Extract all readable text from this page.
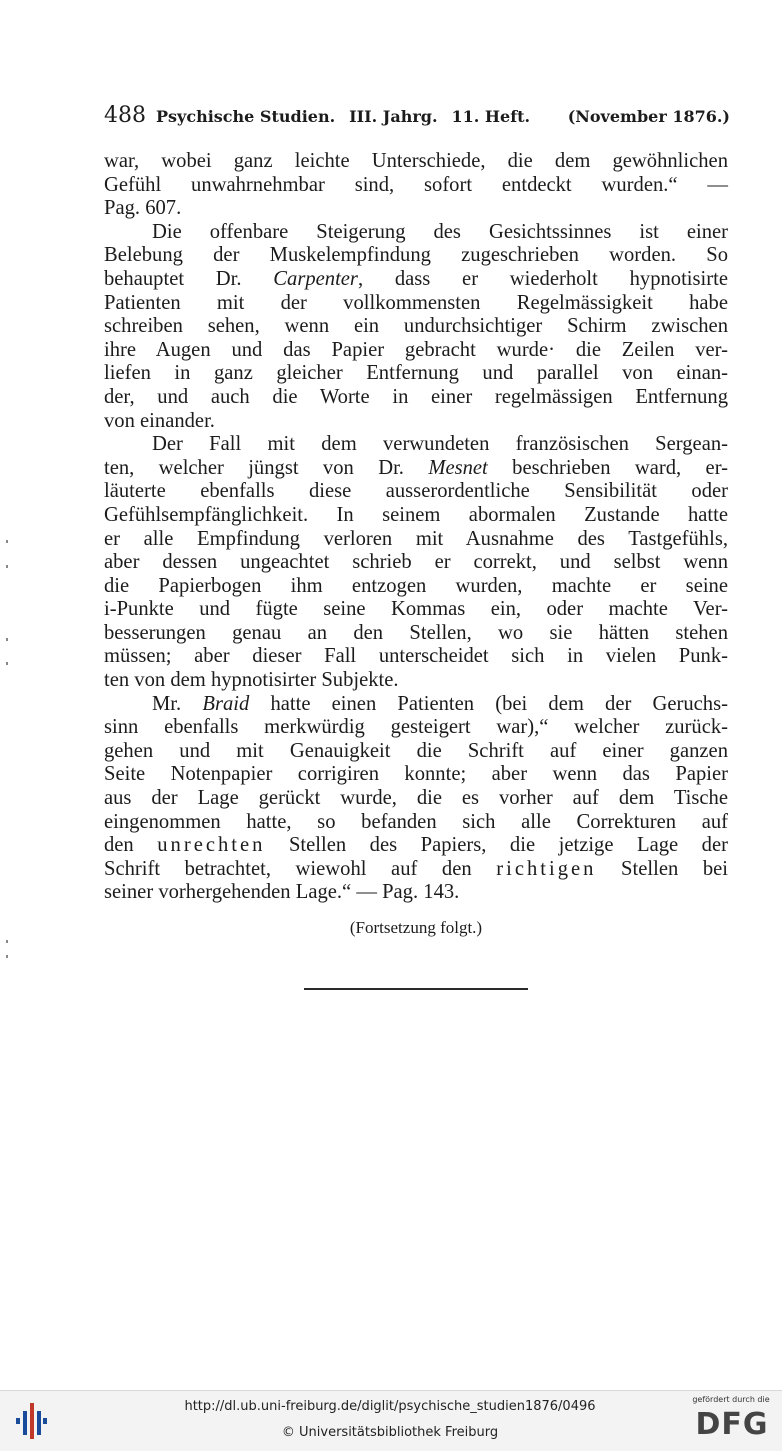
488 Psychische Studien. III. Jahrg. 11. Heft. (November 1876.)
war, wobei ganz leichte Unterschiede, die dem gewöhnlichen
Gefühl unwahrnehmbar sind, sofort entdeckt wurden.“ —
Pag. 607.
Die offenbare Steigerung des Gesichtssinnes ist einer
Belebung der Muskelempfindung zugeschrieben worden. So
behauptet Dr. Carpenter, dass er wiederholt hypnotisirte
Patienten mit der vollkommensten Regelmässigkeit habe
schreiben sehen, wenn ein undurchsichtiger Schirm zwischen
ihre Augen und das Papier gebracht wurde· die Zeilen ver-
liefen in ganz gleicher Entfernung und parallel von einan-
der, und auch die Worte in einer regelmässigen Entfernung
von einander.
Der Fall mit dem verwundeten französischen Sergean-
ten, welcher jüngst von Dr. Mesnet beschrieben ward, er-
läuterte ebenfalls diese ausserordentliche Sensibilität oder
Gefühlsempfänglichkeit. In seinem abormalen Zustande hatte
er alle Empfindung verloren mit Ausnahme des Tastgefühls,
aber dessen ungeachtet schrieb er correkt, und selbst wenn
die Papierbogen ihm entzogen wurden, machte er seine
i-Punkte und fügte seine Kommas ein, oder machte Ver-
besserungen genau an den Stellen, wo sie hätten stehen
müssen; aber dieser Fall unterscheidet sich in vielen Punk-
ten von dem hypnotisirter Subjekte.
Mr. Braid hatte einen Patienten (bei dem der Geruchs-
sinn ebenfalls merkwürdig gesteigert war),“ welcher zurück-
gehen und mit Genauigkeit die Schrift auf einer ganzen
Seite Notenpapier corrigiren konnte; aber wenn das Papier
aus der Lage gerückt wurde, die es vorher auf dem Tische
eingenommen hatte, so befanden sich alle Correkturen auf
den unrechten Stellen des Papiers, die jetzige Lage der
Schrift betrachtet, wiewohl auf den richtigen Stellen bei
seiner vorhergehenden Lage.“ — Pag. 143.
(Fortsetzung folgt.)
http://dl.ub.uni-freiburg.de/diglit/psychische_studien1876/0496
© Universitätsbibliothek Freiburg
gefördert durch die
DFG
